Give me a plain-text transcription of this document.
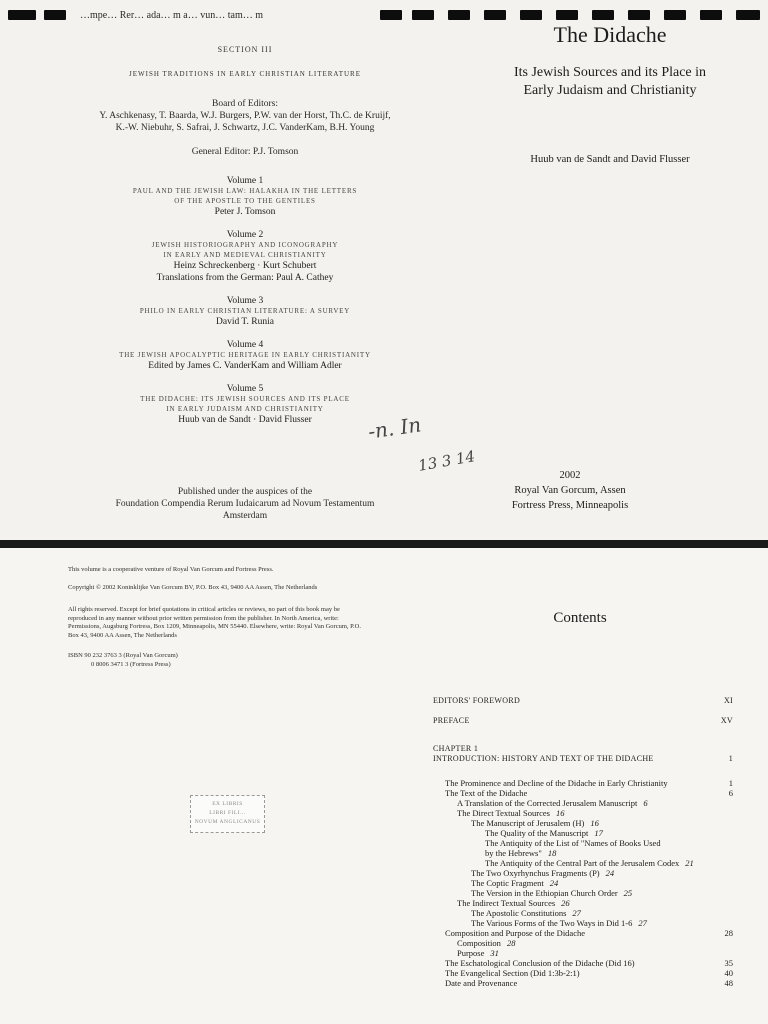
…mpe… Rer… ada… m a… vun… tam… m
SECTION III
JEWISH TRADITIONS IN EARLY CHRISTIAN LITERATURE
Board of Editors:
Y. Aschkenasy, T. Baarda, W.J. Burgers, P.W. van der Horst, Th.C. de Kruijf,
K.-W. Niebuhr, S. Safrai, J. Schwartz, J.C. VanderKam, B.H. Young
General Editor: P.J. Tomson
Volume 1
PAUL AND THE JEWISH LAW: HALAKHA IN THE LETTERS
OF THE APOSTLE TO THE GENTILES
Peter J. Tomson
Volume 2
JEWISH HISTORIOGRAPHY AND ICONOGRAPHY
IN EARLY AND MEDIEVAL CHRISTIANITY
Heinz Schreckenberg · Kurt Schubert
Translations from the German: Paul A. Cathey
Volume 3
PHILO IN EARLY CHRISTIAN LITERATURE: A SURVEY
David T. Runia
Volume 4
THE JEWISH APOCALYPTIC HERITAGE IN EARLY CHRISTIANITY
Edited by James C. VanderKam and William Adler
Volume 5
THE DIDACHE: ITS JEWISH SOURCES AND ITS PLACE
IN EARLY JUDAISM AND CHRISTIANITY
Huub van de Sandt · David Flusser
Published under the auspices of the
Foundation Compendia Rerum Iudaicarum ad Novum Testamentum
Amsterdam
The Didache
Its Jewish Sources and its Place in
Early Judaism and Christianity
Huub van de Sandt and David Flusser
-n. In
13 3 14
2002
Royal Van Gorcum, Assen
Fortress Press, Minneapolis

This volume is a cooperative venture of Royal Van Gorcum and Fortress Press.

Copyright © 2002 Koninklijke Van Gorcum BV, P.O. Box 43, 9400 AA Assen, The Netherlands

All rights reserved. Except for brief quotations in critical articles or reviews, no part of this book may be reproduced in any manner without prior written permission from the publisher. In North America, write: Permissions, Augsburg Fortress, Box 1209, Minneapolis, MN 55440. Elsewhere, write: Royal Van Gorcum, P.O. Box 43, 9400 AA Assen, The Netherlands

ISBN 90 232 3763 3 (Royal Van Gorcum)
0 8006 3471 3 (Fortress Press)
EX LIBRIS
LIBRI FILI...
NOVUM ANGLICANUS
Contents
EDITORS' FOREWORD	XI
PREFACE	XV
CHAPTER 1
INTRODUCTION: HISTORY AND TEXT OF THE DIDACHE	1
The Prominence and Decline of the Didache in Early Christianity	1
The Text of the Didache	6
A Translation of the Corrected Jerusalem Manuscript 6
The Direct Textual Sources 16
The Manuscript of Jerusalem (H) 16
The Quality of the Manuscript 17
The Antiquity of the List of "Names of Books Used
by the Hebrews" 18
The Antiquity of the Central Part of the Jerusalem Codex 21
The Two Oxyrhynchus Fragments (P) 24
The Coptic Fragment 24
The Version in the Ethiopian Church Order 25
The Indirect Textual Sources 26
The Apostolic Constitutions 27
The Various Forms of the Two Ways in Did 1-6 27
Composition and Purpose of the Didache	28
Composition 28
Purpose 31
The Eschatological Conclusion of the Didache (Did 16)	35
The Evangelical Section (Did 1:3b-2:1)	40
Date and Provenance	48
